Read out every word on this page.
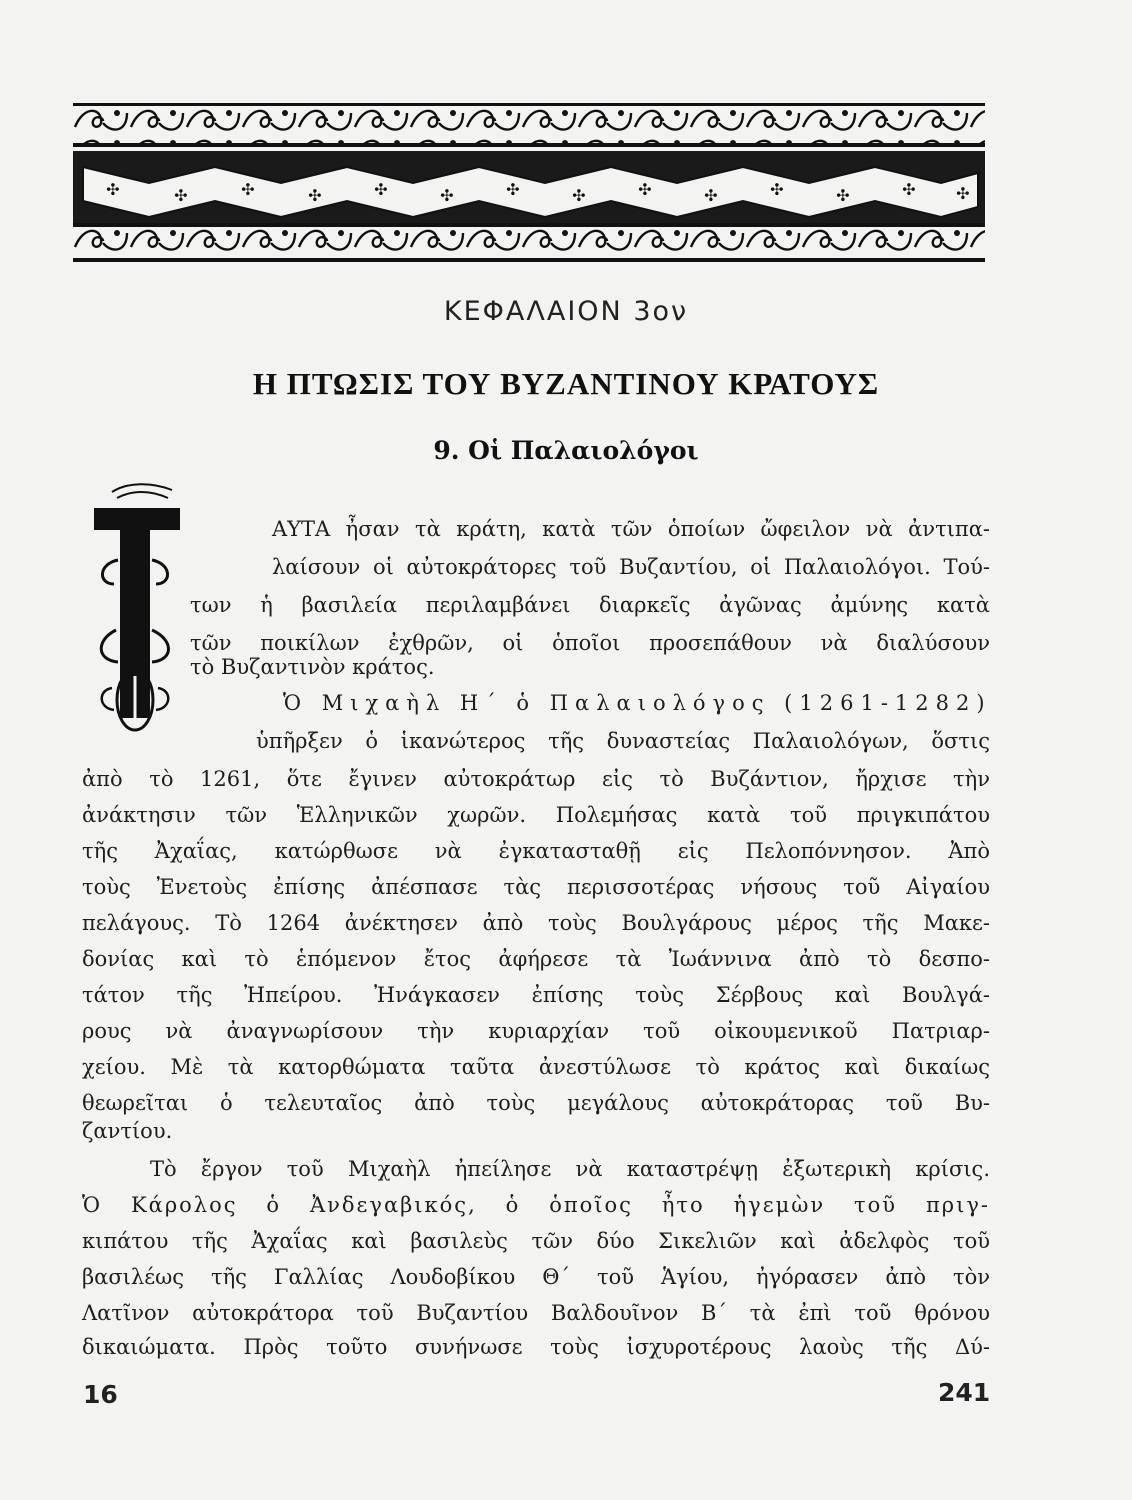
✣	✣	✣	✣	✣	✣	✣	✣	✣	✣	✣	✣	✣	✣
ΚΕΦΑΛΑΙΟΝ 3ον
Η ΠΤΩΣΙΣ ΤΟΥ ΒΥΖΑΝΤΙΝΟΥ ΚΡΑΤΟΥΣ
9. Οἱ Παλαιολόγοι
ΑΥΤΑ ἦσαν τὰ κράτη, κατὰ τῶν ὁποίων ὤφειλον νὰ ἀντιπα-
λαίσουν οἱ αὐτοκράτορες τοῦ Βυζαντίου, οἱ Παλαιολόγοι. Τού-
των ἡ βασιλεία περιλαμβάνει διαρκεῖς ἀγῶνας ἀμύνης κατὰ
τῶν ποικίλων ἐχθρῶν, οἱ ὁποῖοι προσεπάθουν νὰ διαλύσουν
τὸ Βυζαντινὸν κράτος.
Ὁ Μιχαὴλ Η΄ ὁ Παλαιολόγος (1261-1282)
ὑπῆρξεν ὁ ἱκανώτερος τῆς δυναστείας Παλαιολόγων, ὅστις
ἀπὸ τὸ 1261, ὅτε ἔγινεν αὐτοκράτωρ εἰς τὸ Βυζάντιον, ἤρχισε τὴν
ἀνάκτησιν τῶν Ἑλληνικῶν χωρῶν. Πολεμήσας κατὰ τοῦ πριγκιπάτου
τῆς Ἀχαΐας, κατώρθωσε νὰ ἐγκατασταθῇ εἰς Πελοπόννησον. Ἀπὸ
τοὺς Ἐνετοὺς ἐπίσης ἀπέσπασε τὰς περισσοτέρας νήσους τοῦ Αἰγαίου
πελάγους. Τὸ 1264 ἀνέκτησεν ἀπὸ τοὺς Βουλγάρους μέρος τῆς Μακε-
δονίας καὶ τὸ ἑπόμενον ἔτος ἀφήρεσε τὰ Ἰωάννινα ἀπὸ τὸ δεσπο-
τάτον τῆς Ἠπείρου. Ἠνάγκασεν ἐπίσης τοὺς Σέρβους καὶ Βουλγά-
ρους νὰ ἀναγνωρίσουν τὴν κυριαρχίαν τοῦ οἰκουμενικοῦ Πατριαρ-
χείου. Μὲ τὰ κατορθώματα ταῦτα ἀνεστύλωσε τὸ κράτος καὶ δικαίως
θεωρεῖται ὁ τελευταῖος ἀπὸ τοὺς μεγάλους αὐτοκράτορας τοῦ Βυ-
ζαντίου.
Τὸ ἔργον τοῦ Μιχαὴλ ἠπείλησε νὰ καταστρέψῃ ἐξωτερικὴ κρίσις.
Ὁ Κάρολος ὁ Ἀνδεγαβικός, ὁ ὁποῖος ἦτο ἡγεμὼν τοῦ πριγ-
κιπάτου τῆς Ἀχαΐας καὶ βασιλεὺς τῶν δύο Σικελιῶν καὶ ἀδελφὸς τοῦ
βασιλέως τῆς Γαλλίας Λουδοβίκου Θ΄ τοῦ Ἁγίου, ἠγόρασεν ἀπὸ τὸν
Λατῖνον αὐτοκράτορα τοῦ Βυζαντίου Βαλδουῖνον Β΄ τὰ ἐπὶ τοῦ θρόνου
δικαιώματα. Πρὸς τοῦτο συνήνωσε τοὺς ἰσχυροτέρους λαοὺς τῆς Δύ-
16	241
